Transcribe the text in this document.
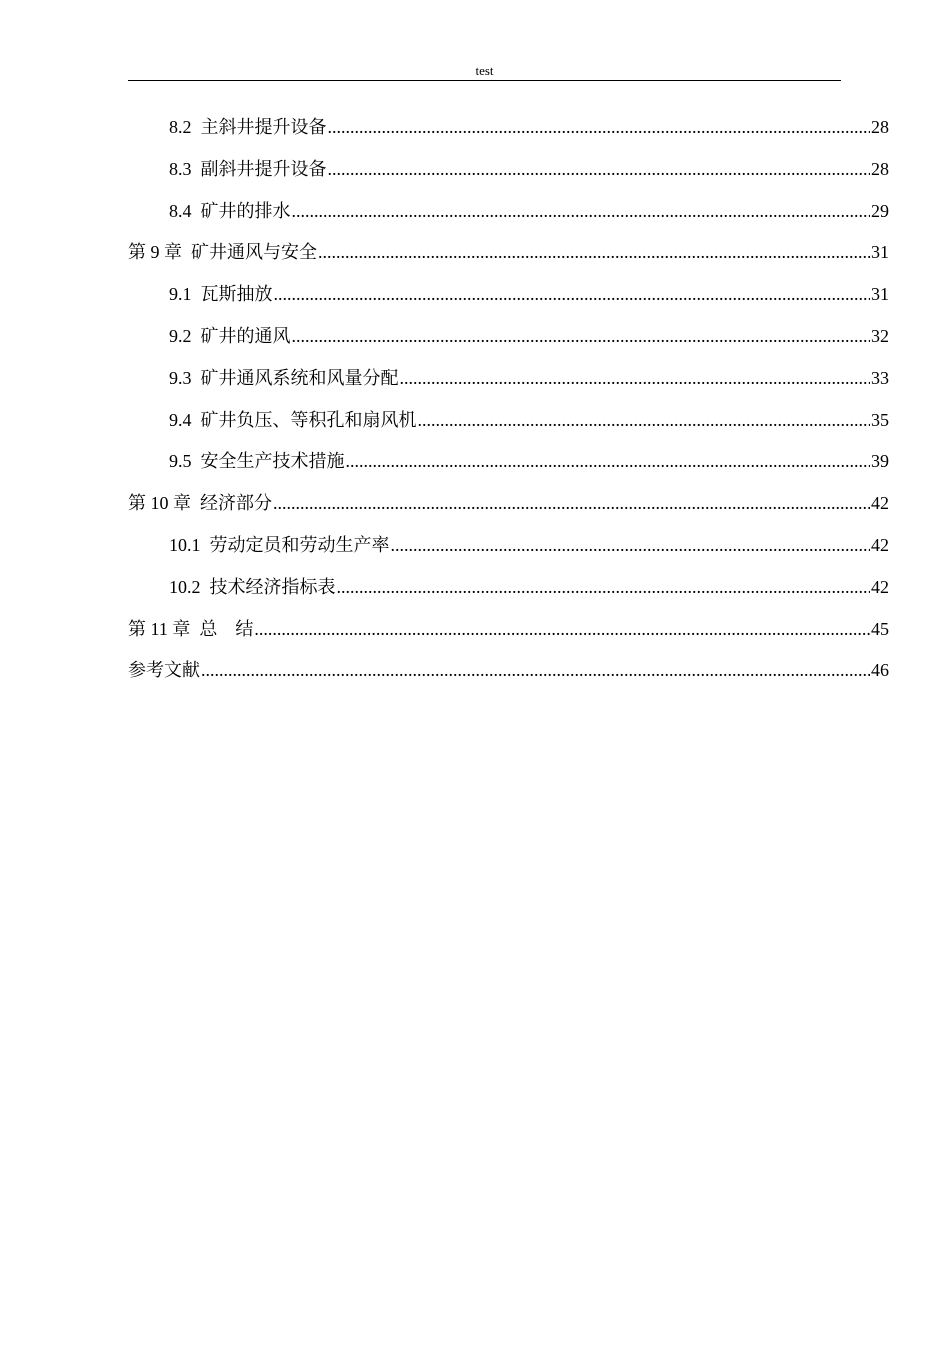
test
8.2 主斜井提升设备 .....	28
8.3 副斜井提升设备 .....	28
8.4 矿井的排水 .....	29
第 9 章 矿井通风与安全 .....	31
9.1 瓦斯抽放 .....	31
9.2 矿井的通风 .....	32
9.3 矿井通风系统和风量分配 .....	33
9.4 矿井负压、等积孔和扇风机 .....	35
9.5 安全生产技术措施 .....	39
第 10 章 经济部分 .....	42
10.1 劳动定员和劳动生产率 .....	42
10.2 技术经济指标表 .....	42
第 11 章 总　结 .....	45
参考文献 .....	46
